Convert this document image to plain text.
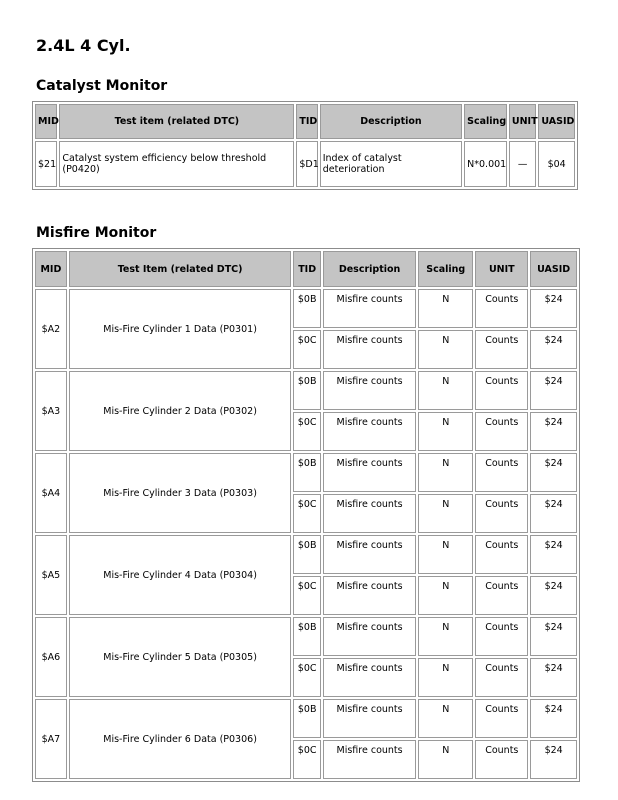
2.4L 4 Cyl.
Catalyst Monitor
MID	Test item (related DTC)	TID	Description	Scaling	UNIT	UASID
$21	Catalyst system efficiency below threshold (P0420)	$D1	Index of catalyst deterioration	N*0.001	—	$04
Misfire Monitor
MID	Test Item (related DTC)	TID	Description	Scaling	UNIT	UASID
$A2	Mis-Fire Cylinder 1 Data (P0301)	$0B	Misfire counts	N	Counts	$24
		$0C	Misfire counts	N	Counts	$24
$A3	Mis-Fire Cylinder 2 Data (P0302)	$0B	Misfire counts	N	Counts	$24
		$0C	Misfire counts	N	Counts	$24
$A4	Mis-Fire Cylinder 3 Data (P0303)	$0B	Misfire counts	N	Counts	$24
		$0C	Misfire counts	N	Counts	$24
$A5	Mis-Fire Cylinder 4 Data (P0304)	$0B	Misfire counts	N	Counts	$24
		$0C	Misfire counts	N	Counts	$24
$A6	Mis-Fire Cylinder 5 Data (P0305)	$0B	Misfire counts	N	Counts	$24
		$0C	Misfire counts	N	Counts	$24
$A7	Mis-Fire Cylinder 6 Data (P0306)	$0B	Misfire counts	N	Counts	$24
		$0C	Misfire counts	N	Counts	$24
